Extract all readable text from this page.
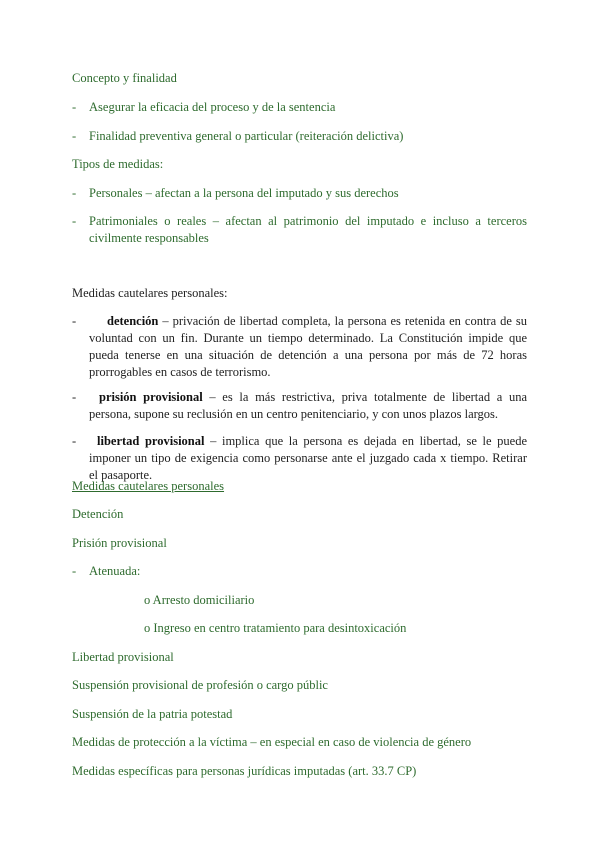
Concepto y finalidad

- Asegurar la eficacia del proceso y de la sentencia
- Finalidad preventiva general o particular (reiteración delictiva)

Tipos de medidas:

- Personales – afectan a la persona del imputado y sus derechos
- Patrimoniales o reales – afectan al patrimonio del imputado e incluso a terceros civilmente responsables

Medidas cautelares personales:

-	detención – privación de libertad completa, la persona es retenida en contra de su voluntad con un fin. Durante un tiempo determinado. La Constitución impide que pueda tenerse en una situación de detención a una persona por más de 72 horas prorrogables en casos de terrorismo.
-	prisión provisional – es la más restrictiva, priva totalmente de libertad a una persona, supone su reclusión en un centro penitenciario, y con unos plazos largos.
-	libertad provisional – implica que la persona es dejada en libertad, se le puede imponer un tipo de exigencia como personarse ante el juzgado cada x tiempo. Retirar el pasaporte.

Medidas cautelares personales

Detención

Prisión provisional

- Atenuada:

o Arresto domiciliario

o Ingreso en centro tratamiento para desintoxicación

Libertad provisional

Suspensión provisional de profesión o cargo públic

Suspensión de la patria potestad

Medidas de protección a la víctima – en especial en caso de violencia de género

Medidas específicas para personas jurídicas imputadas (art. 33.7 CP)
